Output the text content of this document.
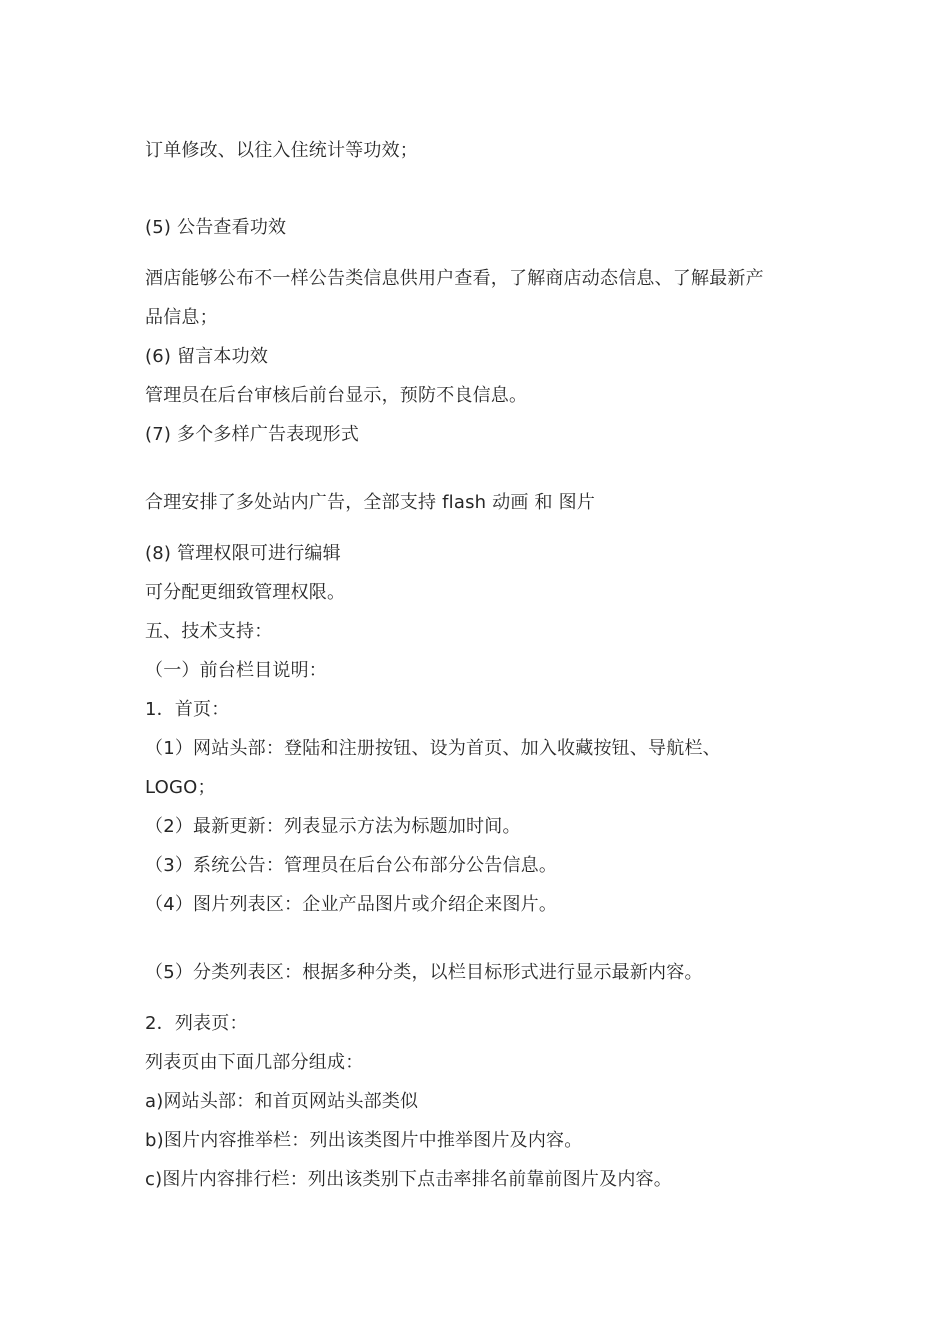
订单修改、以往入住统计等功效；
(5) 公告查看功效
酒店能够公布不一样公告类信息供用户查看，了解商店动态信息、了解最新产
品信息；
(6) 留言本功效
管理员在后台审核后前台显示，预防不良信息。
(7) 多个多样广告表现形式
合理安排了多处站内广告，全部支持 flash 动画 和 图片
(8) 管理权限可进行编辑
可分配更细致管理权限。
五、技术支持：
（一）前台栏目说明：
1．首页：
（1）网站头部：登陆和注册按钮、设为首页、加入收藏按钮、导航栏、
LOGO；
（2）最新更新：列表显示方法为标题加时间。
（3）系统公告：管理员在后台公布部分公告信息。
（4）图片列表区：企业产品图片或介绍企来图片。
（5）分类列表区：根据多种分类，以栏目标形式进行显示最新内容。
2．列表页：
列表页由下面几部分组成：
a)网站头部：和首页网站头部类似
b)图片内容推举栏：列出该类图片中推举图片及内容。
c)图片内容排行栏：列出该类别下点击率排名前靠前图片及内容。
